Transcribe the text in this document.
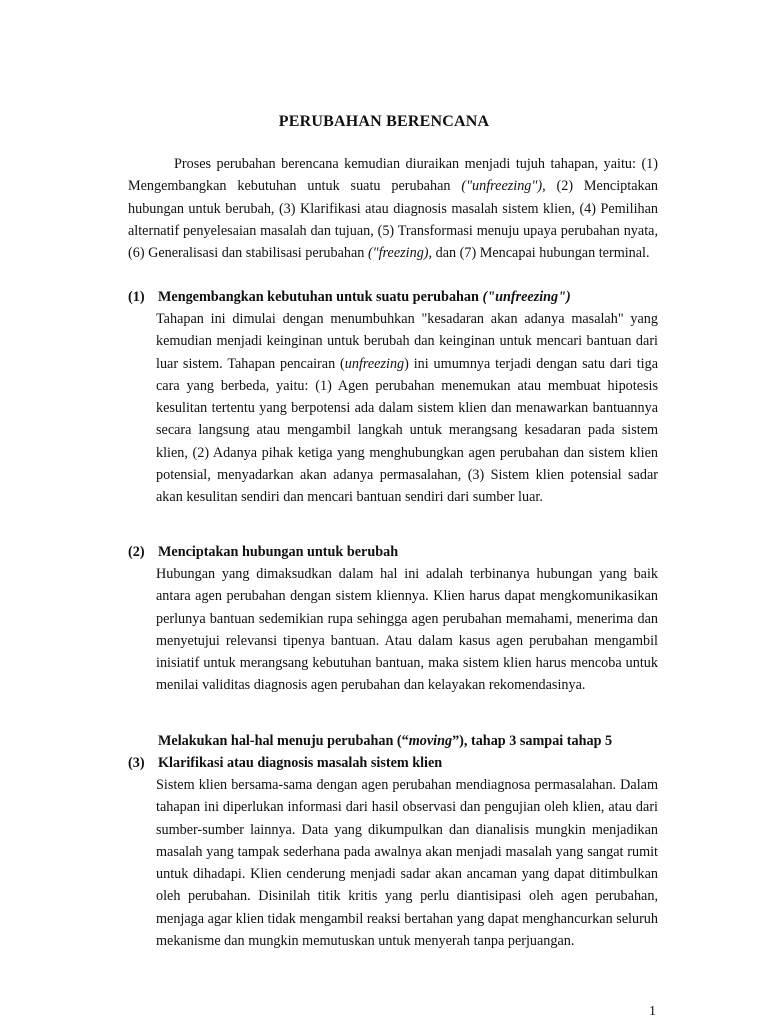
PERUBAHAN BERENCANA

Proses perubahan berencana kemudian diuraikan menjadi tujuh tahapan, yaitu: (1) Mengembangkan kebutuhan untuk suatu perubahan ("unfreezing"), (2) Menciptakan hubungan untuk berubah, (3) Klarifikasi atau diagnosis masalah sistem klien, (4) Pemilihan alternatif penyelesaian masalah dan tujuan, (5) Transformasi menuju upaya perubahan nyata, (6) Generalisasi dan stabilisasi perubahan ("freezing), dan (7) Mencapai hubungan terminal.

(1) Mengembangkan kebutuhan untuk suatu perubahan ("unfreezing")

Tahapan ini dimulai dengan menumbuhkan "kesadaran akan adanya masalah" yang kemudian menjadi keinginan untuk berubah dan keinginan untuk mencari bantuan dari luar sistem. Tahapan pencairan (unfreezing) ini umumnya terjadi dengan satu dari tiga cara yang berbeda, yaitu: (1) Agen perubahan menemukan atau membuat hipotesis kesulitan tertentu yang berpotensi ada dalam sistem klien dan menawarkan bantuannya secara langsung atau mengambil langkah untuk merangsang kesadaran pada sistem klien, (2) Adanya pihak ketiga yang menghubungkan agen perubahan dan sistem klien potensial, menyadarkan akan adanya permasalahan, (3) Sistem klien potensial sadar akan kesulitan sendiri dan mencari bantuan sendiri dari sumber luar.

(2) Menciptakan hubungan untuk berubah

Hubungan yang dimaksudkan dalam hal ini adalah terbinanya hubungan yang baik antara agen perubahan dengan sistem kliennya. Klien harus dapat mengkomunikasikan perlunya bantuan sedemikian rupa sehingga agen perubahan memahami, menerima dan menyetujui relevansi tipenya bantuan. Atau dalam kasus agen perubahan mengambil inisiatif untuk merangsang kebutuhan bantuan, maka sistem klien harus mencoba untuk menilai validitas diagnosis agen perubahan dan kelayakan rekomendasinya.

Melakukan hal-hal menuju perubahan (“moving”), tahap 3 sampai tahap 5
(3) Klarifikasi atau diagnosis masalah sistem klien

Sistem klien bersama-sama dengan agen perubahan mendiagnosa permasalahan. Dalam tahapan ini diperlukan informasi dari hasil observasi dan pengujian oleh klien, atau dari sumber-sumber lainnya. Data yang dikumpulkan dan dianalisis mungkin menjadikan masalah yang tampak sederhana pada awalnya akan menjadi masalah yang sangat rumit untuk dihadapi. Klien cenderung menjadi sadar akan ancaman yang dapat ditimbulkan oleh perubahan. Disinilah titik kritis yang perlu diantisipasi oleh agen perubahan, menjaga agar klien tidak mengambil reaksi bertahan yang dapat menghancurkan seluruh mekanisme dan mungkin memutuskan untuk menyerah tanpa perjuangan.

1
